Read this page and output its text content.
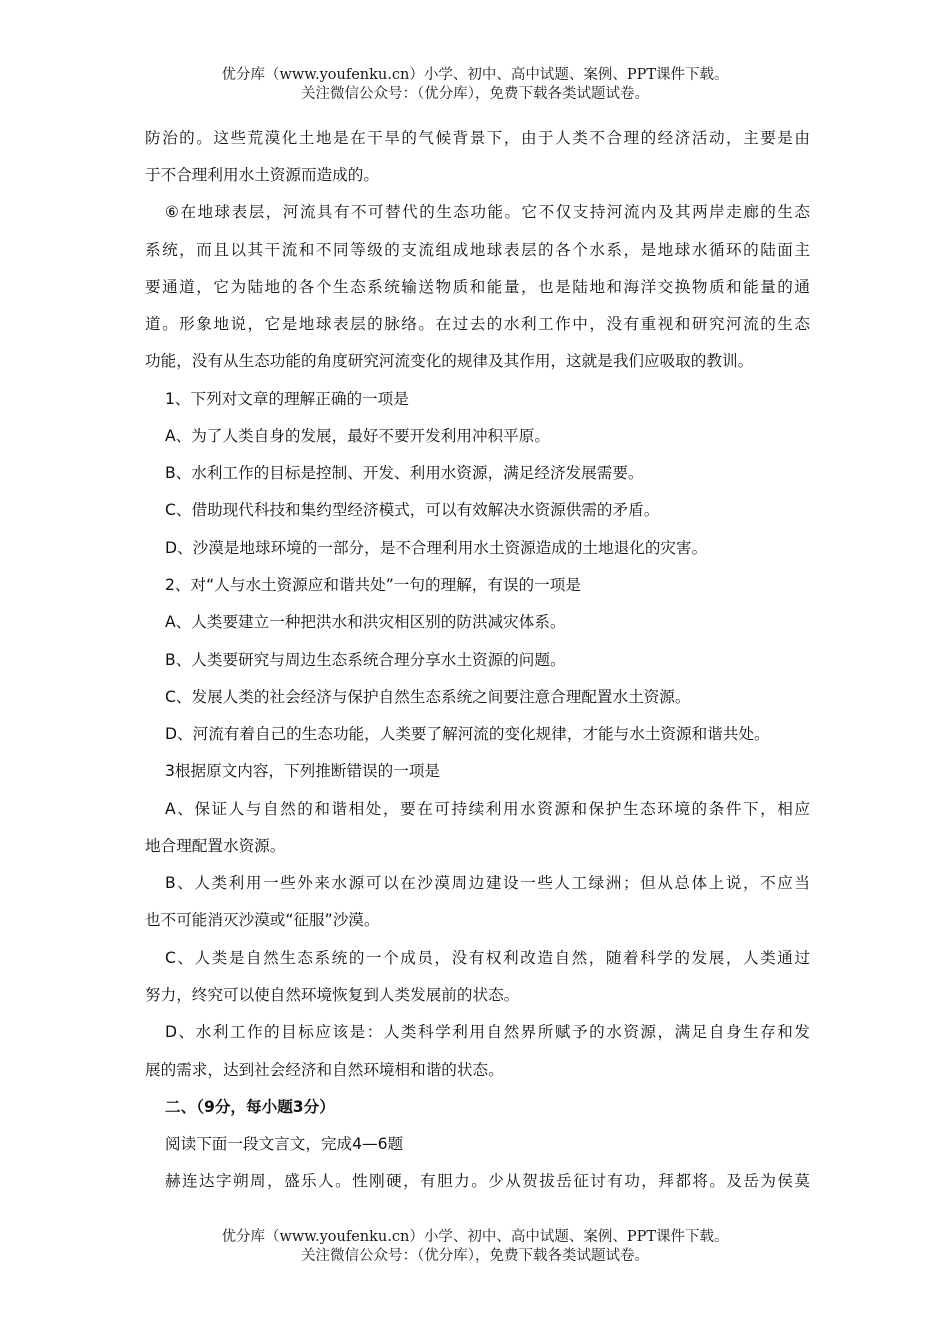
优分库（www.youfenku.cn）小学、初中、高中试题、案例、PPT课件下载。
关注微信公众号：（优分库），免费下载各类试题试卷。
防治的。这些荒漠化土地是在干旱的气候背景下，由于人类不合理的经济活动，主要是由
于不合理利用水土资源而造成的。
⑥在地球表层，河流具有不可替代的生态功能。它不仅支持河流内及其两岸走廊的生态
系统，而且以其干流和不同等级的支流组成地球表层的各个水系，是地球水循环的陆面主
要通道，它为陆地的各个生态系统输送物质和能量，也是陆地和海洋交换物质和能量的通
道。形象地说，它是地球表层的脉络。在过去的水利工作中，没有重视和研究河流的生态
功能，没有从生态功能的角度研究河流变化的规律及其作用，这就是我们应吸取的教训。
1、下列对文章的理解正确的一项是
A、为了人类自身的发展，最好不要开发利用冲积平原。
B、水利工作的目标是控制、开发、利用水资源，满足经济发展需要。
C、借助现代科技和集约型经济模式，可以有效解决水资源供需的矛盾。
D、沙漠是地球环境的一部分，是不合理利用水土资源造成的土地退化的灾害。
2、对“人与水土资源应和谐共处”一句的理解，有误的一项是
A、人类要建立一种把洪水和洪灾相区别的防洪减灾体系。
B、人类要研究与周边生态系统合理分享水土资源的问题。
C、发展人类的社会经济与保护自然生态系统之间要注意合理配置水土资源。
D、河流有着自己的生态功能，人类要了解河流的变化规律，才能与水土资源和谐共处。
3根据原文内容，下列推断错误的一项是
A、保证人与自然的和谐相处，要在可持续利用水资源和保护生态环境的条件下，相应
地合理配置水资源。
B、人类利用一些外来水源可以在沙漠周边建设一些人工绿洲；但从总体上说，不应当
也不可能消灭沙漠或“征服”沙漠。
C、人类是自然生态系统的一个成员，没有权利改造自然，随着科学的发展，人类通过
努力，终究可以使自然环境恢复到人类发展前的状态。
D、水利工作的目标应该是：人类科学利用自然界所赋予的水资源，满足自身生存和发
展的需求，达到社会经济和自然环境相和谐的状态。
二、（9分，每小题3分）
阅读下面一段文言文，完成4—6题
赫连达字朔周，盛乐人。性刚硬，有胆力。少从贺拔岳征讨有功，拜都将。及岳为侯莫
优分库（www.youfenku.cn）小学、初中、高中试题、案例、PPT课件下载。
关注微信公众号：（优分库），免费下载各类试题试卷。
